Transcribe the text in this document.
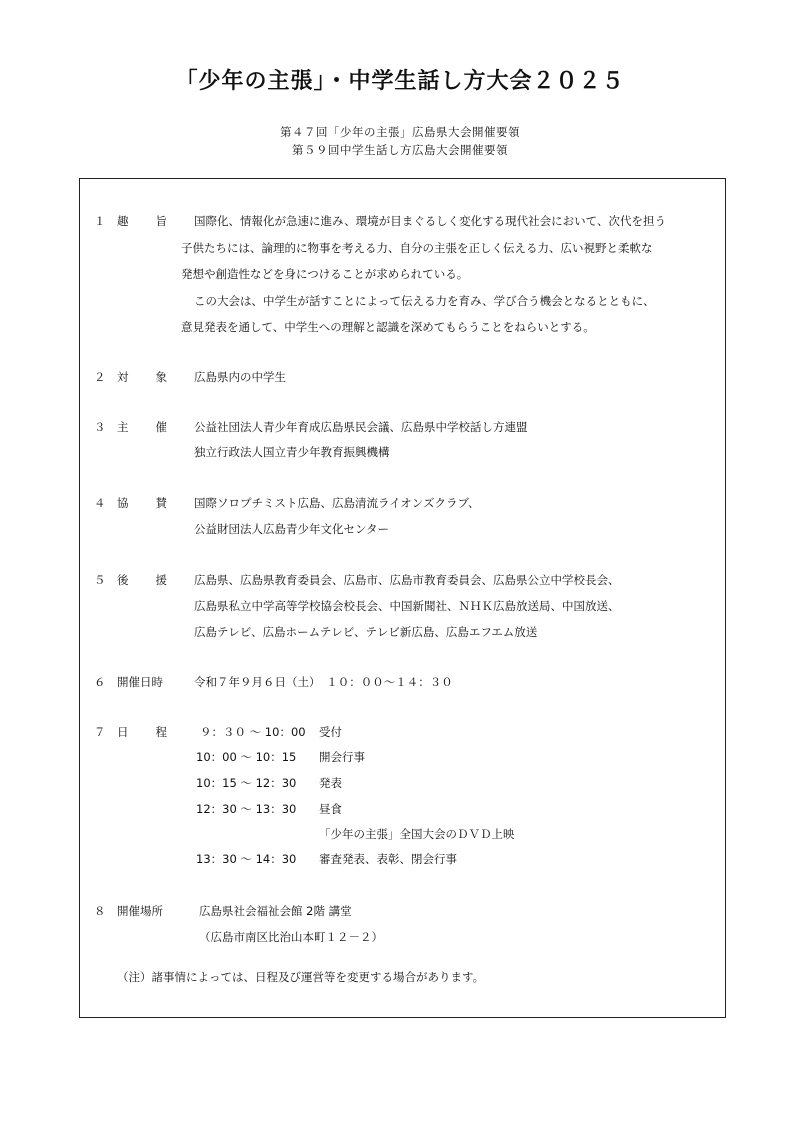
「少年の主張」・中学生話し方大会２０２５
第４７回「少年の主張」広島県大会開催要領
第５９回中学生話し方広島大会開催要領
１ 趣 旨 国際化、情報化が急速に進み、環境が目まぐるしく変化する現代社会において、次代を担う
子供たちには、論理的に物事を考える力、自分の主張を正しく伝える力、広い視野と柔軟な
発想や創造性などを身につけることが求められている。
この大会は、中学生が話すことによって伝える力を育み、学び合う機会となるとともに、
意見発表を通して、中学生への理解と認識を深めてもらうことをねらいとする。
２ 対 象 広島県内の中学生
３ 主 催 公益社団法人青少年育成広島県民会議、広島県中学校話し方連盟
独立行政法人国立青少年教育振興機構
４ 協 賛 国際ソロプチミスト広島、広島清流ライオンズクラブ、
公益財団法人広島青少年文化センター
５ 後 援 広島県、広島県教育委員会、広島市、広島市教育委員会、広島県公立中学校長会、
広島県私立中学高等学校協会校長会、中国新聞社、ＮＨＫ広島放送局、中国放送、
広島テレビ、広島ホームテレビ、テレビ新広島、広島エフエム放送
６ 開催日時	令和７年９月６日（土）　１０：００～１４：３０
７ 日 程	９：３０ ～ 10：00 受付
10：00 ～ 10：15 開会行事
10：15 ～ 12：30 発表
12：30 ～ 13：30 昼食
「少年の主張」全国大会のＤＶＤ上映
13：30 ～ 14：30 審査発表、表彰、閉会行事
８ 開催場所	広島県社会福祉会館 2階 講堂
（広島市南区比治山本町１２－２）
（注）諸事情によっては、日程及び運営等を変更する場合があります。
